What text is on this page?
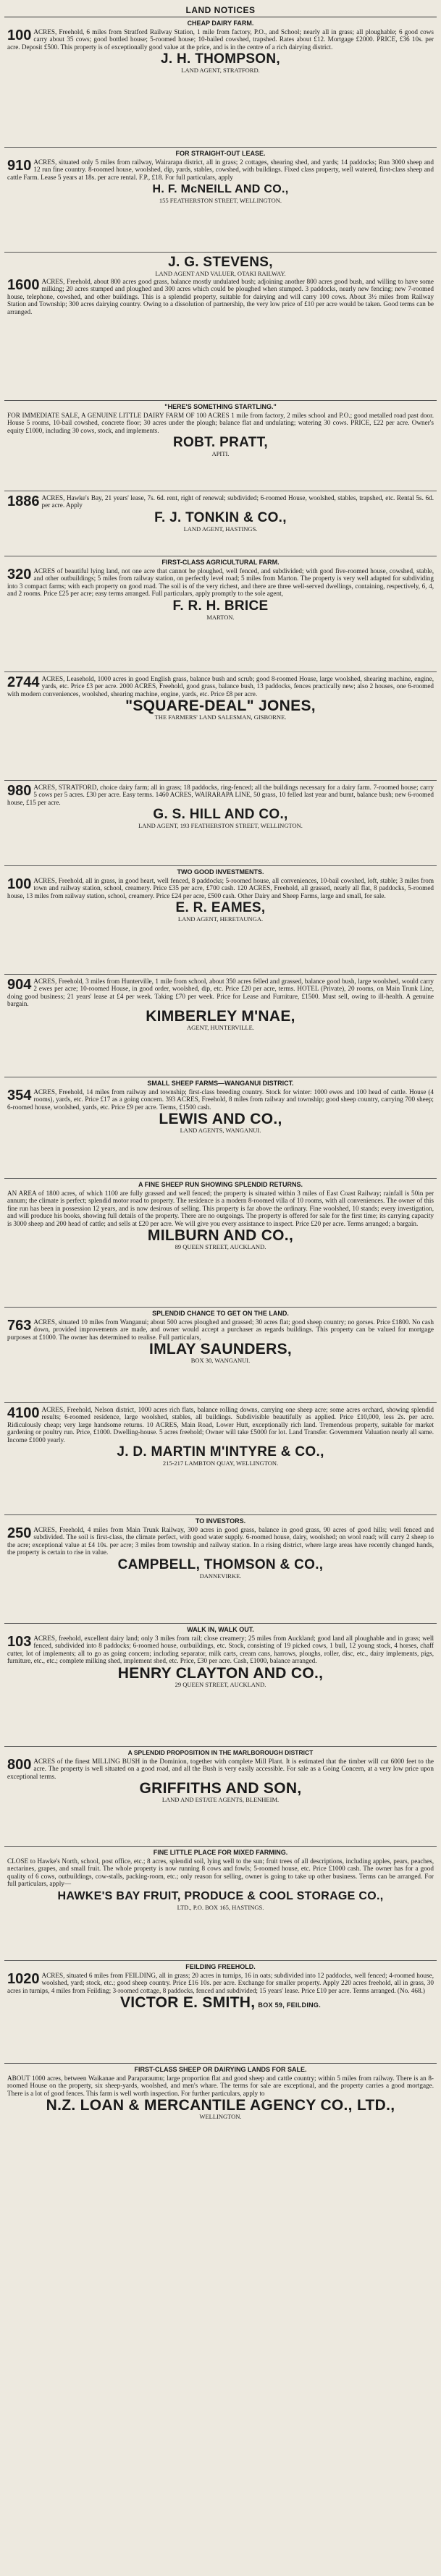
LAND NOTICES
CHEAP DAIRY FARM.
100 ACRES, Freehold, 6 miles from Stratford Railway Station, 1 mile from factory, P.O., and School; nearly all in grass; all ploughable; 6 good cows carry about 35 cows; good bottled house; 5-roomed house; 10-bailed cowshed, trapshed. Rates about £12. Mortgage £2000. PRICE, £36 10s. per acre. Deposit £500. This property is of exceptionally good value at the price, and is in the centre of a rich dairying district.
J. H. THOMPSON,
LAND AGENT, STRATFORD.
FOR STRAIGHT-OUT LEASE.
910 ACRES, situated only 5 miles from railway, Wairarapa district, all in grass; 2 cottages, shearing shed, and yards; 14 paddocks; Run 3000 sheep and 12 run fine country. 8-roomed house, woolshed, dip, yards, stables, cowshed, with buildings. Fixed class property, well watered, first-class sheep and cattle Farm. Lease 5 years at 18s. per acre rental. F.P., £18. For full particulars, apply
H. F. McNEILL AND CO.,
155 FEATHERSTON STREET, WELLINGTON.
J. G. STEVENS,
LAND AGENT AND VALUER, OTAKI RAILWAY.
1600 ACRES, Freehold, about 800 acres good grass, balance mostly undulated bush; adjoining another 800 acres good bush, and willing to have some milking; 20 acres stumped and ploughed and 300 acres which could be ploughed when stumped. 3 paddocks, nearly new fencing; new 7-roomed house, telephone, cowshed, and other buildings. This is a splendid property, suitable for dairying and will carry 100 cows. About 3½ miles from Railway Station and Township; 300 acres dairying country. Owing to a dissolution of partnership, the very low price of £10 per acre would be taken. Good terms can be arranged.
"HERE'S SOMETHING STARTLING."
FOR IMMEDIATE SALE, A GENUINE LITTLE DAIRY FARM OF 100 ACRES 1 mile from factory, 2 miles school and P.O.; good metalled road past door. House 5 rooms, 10-bail cowshed, concrete floor; 30 acres under the plough; balance flat and undulating; watering 30 cows. PRICE, £22 per acre. Owner's equity £1000, including 30 cows, stock, and implements.
ROBT. PRATT,
APITI.
1886 ACRES, Hawke's Bay, 21 years' lease, 7s. 6d. rent, right of renewal; subdivided; 6-roomed House, woolshed, stables, trapshed, etc. Rental 5s. 6d. per acre. Apply
F. J. TONKIN & CO.,
LAND AGENT, HASTINGS.
FIRST-CLASS AGRICULTURAL FARM.
320 ACRES of beautiful lying land, not one acre that cannot be ploughed, well fenced, and subdivided; with good five-roomed house, cowshed, stable, and other outbuildings; 5 miles from railway station, on perfectly level road; 5 miles from Marton. The property is very well adapted for subdividing into 3 compact farms; with each property on good road. The soil is of the very richest, and there are three well-served dwellings, containing, respectively, 6, 4, and 2 rooms. Price £25 per acre; easy terms arranged. Full particulars, apply promptly to the sole agent,
F. R. H. BRICE
MARTON.
2744 ACRES, Leasehold, 1000 acres in good English grass, balance bush and scrub; good 8-roomed House, large woolshed, shearing machine, engine, yards, etc. Price £3 per acre. 2000 ACRES, Freehold, good grass, balance bush, 13 paddocks, fences practically new; also 2 houses, one 6-roomed with modern conveniences, woolshed, shearing machine, engine, yards, etc. Price £8 per acre.
"SQUARE-DEAL" JONES,
THE FARMERS' LAND SALESMAN, GISBORNE.
980 ACRES, STRATFORD, choice dairy farm; all in grass; 18 paddocks, ring-fenced; all the buildings necessary for a dairy farm. 7-roomed house; carry 5 cows per 5 acres. £30 per acre. Easy terms. 1460 ACRES, WAIRARAPA LINE, 50 grass, 10 felled last year and burnt, balance bush; new 6-roomed house, £15 per acre.
G. S. HILL AND CO.,
LAND AGENT, 193 FEATHERSTON STREET, WELLINGTON.
TWO GOOD INVESTMENTS.
100 ACRES, Freehold, all in grass, in good heart, well fenced, 8 paddocks; 5-roomed house, all conveniences, 10-bail cowshed, loft, stable; 3 miles from town and railway station, school, creamery. Price £35 per acre, £700 cash. 120 ACRES, Freehold, all grassed, nearly all flat, 8 paddocks, 5-roomed house, 13 miles from railway station, school, creamery. Price £24 per acre, £500 cash. Other Dairy and Sheep Farms, large and small, for sale.
E. R. EAMES,
LAND AGENT, HERETAUNGA.
904 ACRES, Freehold, 3 miles from Hunterville, 1 mile from school, about 350 acres felled and grassed, balance good bush, large woolshed, would carry 2 ewes per acre; 10-roomed House, in good order, woolshed, dip, etc. Price £20 per acre, terms. HOTEL (Private), 20 rooms, on Main Trunk Line, doing good business; 21 years' lease at £4 per week. Taking £70 per week. Price for Lease and Furniture, £1500. Must sell, owing to ill-health. A genuine bargain.
KIMBERLEY M'NAE,
AGENT, HUNTERVILLE.
SMALL SHEEP FARMS—WANGANUI DISTRICT.
354 ACRES, Freehold, 14 miles from railway and township; first-class breeding country. Stock for winter: 1000 ewes and 100 head of cattle. House (4 rooms), yards, etc. Price £17 as a going concern. 393 ACRES, Freehold, 8 miles from railway and township; good sheep country, carrying 700 sheep; 6-roomed house, woolshed, yards, etc. Price £9 per acre. Terms, £1500 cash.
LEWIS AND CO.,
LAND AGENTS, WANGANUI.
A FINE SHEEP RUN SHOWING SPLENDID RETURNS.
AN AREA of 1800 acres, of which 1100 are fully grassed and well fenced; the property is situated within 3 miles of East Coast Railway; rainfall is 50in per annum; the climate is perfect; splendid motor road to property. The residence is a modern 8-roomed villa of 10 rooms, with all conveniences. The owner of this fine run has been in possession 12 years, and is now desirous of selling. This property is far above the ordinary. Fine woolshed, 10 stands; every investigation, and will produce his books, showing full details of the property. There are no outgoings. The property is offered for sale for the first time; its carrying capacity is 3000 sheep and 200 head of cattle; and sells at £20 per acre. We will give you every assistance to inspect. Price £20 per acre. Terms arranged; a bargain.
MILBURN AND CO.,
89 QUEEN STREET, AUCKLAND.
SPLENDID CHANCE TO GET ON THE LAND.
763 ACRES, situated 10 miles from Wanganui; about 500 acres ploughed and grassed; 30 acres flat; good sheep country; no gorses. Price £1800. No cash down, provided improvements are made, and owner would accept a purchaser as regards buildings. This property can be valued for mortgage purposes at £1000. The owner has determined to realise. Full particulars,
IMLAY SAUNDERS,
BOX 30, WANGANUI.
4100 ACRES, Freehold, Nelson district, 1000 acres rich flats, balance rolling downs, carrying one sheep acre; some acres orchard, showing splendid results; 6-roomed residence, large woolshed, stables, all buildings. Subdivisible beautifully as applied. Price £10,000, less 2s. per acre. Ridiculously cheap; very large handsome returns. 10 ACRES, Main Road, Lower Hutt, exceptionally rich land. Tremendous property, suitable for market gardening or poultry run. Price, £1000. Dwelling-house. 5 acres freehold; Owner will take £5000 for lot. Land Transfer. Government Valuation nearly all same. Income £1000 yearly.
J. D. MARTIN M'INTYRE & CO.,
215-217 LAMBTON QUAY, WELLINGTON.
TO INVESTORS.
250 ACRES, Freehold, 4 miles from Main Trunk Railway, 300 acres in good grass, balance in good grass, 90 acres of good hills; well fenced and subdivided. The soil is first-class, the climate perfect, with good water supply. 6-roomed house, dairy, woolshed; on wool road; will carry 2 sheep to the acre; exceptional value at £4 10s. per acre; 3 miles from township and railway station. In a rising district, where large areas have recently changed hands, the property is certain to rise in value.
CAMPBELL, THOMSON & CO.,
DANNEVIRKE.
WALK IN, WALK OUT.
103 ACRES, freehold, excellent dairy land; only 3 miles from rail; close creamery; 25 miles from Auckland; good land all ploughable and in grass; well fenced, subdivided into 8 paddocks; 6-roomed house, outbuildings, etc. Stock, consisting of 19 picked cows, 1 bull, 12 young stock, 4 horses, chaff cutter, lot of implements; all to go as going concern; including separator, milk carts, cream cans, harrows, ploughs, roller, disc, etc., dairy implements, pigs, furniture, etc., etc.; complete milking shed, implement shed, etc. Price, £30 per acre. Cash, £1000, balance arranged.
HENRY CLAYTON AND CO.,
29 QUEEN STREET, AUCKLAND.
A SPLENDID PROPOSITION IN THE MARLBOROUGH DISTRICT
800 ACRES of the finest MILLING BUSH in the Dominion, together with complete Mill Plant. It is estimated that the timber will cut 6000 feet to the acre. The property is well situated on a good road, and all the Bush is very easily accessible. For sale as a Going Concern, at a very low price upon exceptional terms.
GRIFFITHS AND SON,
LAND AND ESTATE AGENTS, BLENHEIM.
FINE LITTLE PLACE FOR MIXED FARMING.
CLOSE to Hawke's North, school, post office, etc.; 8 acres, splendid soil, lying well to the sun; fruit trees of all descriptions, including apples, pears, peaches, nectarines, grapes, and small fruit. The whole property is now running 8 cows and fowls; 5-roomed house, etc. Price £1000 cash. The owner has for a good quality of 6 cows, outbuildings, cow-stalls, packing-room, etc.; only reason for selling, owner is going to take up other business. Terms can be arranged. For full particulars, apply—
HAWKE'S BAY FRUIT, PRODUCE & COOL STORAGE CO.,
LTD., P.O. BOX 165, HASTINGS.
FEILDING FREEHOLD.
1020 ACRES, situated 6 miles from FEILDING, all in grass; 20 acres in turnips, 16 in oats; subdivided into 12 paddocks, well fenced; 4-roomed house, woolshed, yard; stock, etc.; good sheep country. Price £16 10s. per acre. Exchange for smaller property. Apply 220 acres freehold, all in grass, 30 acres in turnips, 4 miles from Feilding; 3-roomed cottage, 8 paddocks, fenced and subdivided; 15 years' lease. Price £10 per acre. Terms arranged. (No. 468.)
VICTOR E. SMITH, BOX 59, FEILDING.
FIRST-CLASS SHEEP OR DAIRYING LANDS FOR SALE.
ABOUT 1000 acres, between Waikanae and Paraparaumu; large proportion flat and good sheep and cattle country; within 5 miles from railway. There is an 8-roomed House on the property, six sheep-yards, woolshed, and men's whare. The terms for sale are exceptional, and the property carries a good mortgage. There is a lot of good fences. This farm is well worth inspection. For further particulars, apply to
N.Z. LOAN & MERCANTILE AGENCY CO., LTD.,
WELLINGTON.
